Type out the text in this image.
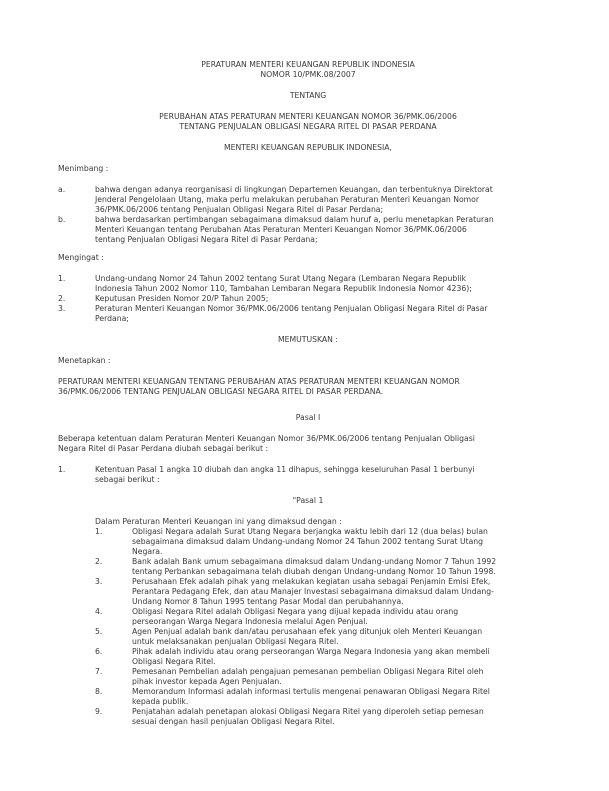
PERATURAN MENTERI KEUANGAN REPUBLIK INDONESIA
NOMOR 10/PMK.08/2007
TENTANG
PERUBAHAN ATAS PERATURAN MENTERI KEUANGAN NOMOR 36/PMK.06/2006
TENTANG PENJUALAN OBLIGASI NEGARA RITEL DI PASAR PERDANA
MENTERI KEUANGAN REPUBLIK INDONESIA,
Menimbang :
a.	bahwa dengan adanya reorganisasi di lingkungan Departemen Keuangan, dan terbentuknya Direktorat
Jenderal Pengelolaan Utang, maka perlu melakukan perubahan Peraturan Menteri Keuangan Nomor
36/PMK.06/2006 tentang Penjualan Obligasi Negara Ritel di Pasar Perdana;
b.	bahwa berdasarkan pertimbangan sebagaimana dimaksud dalam huruf a, perlu menetapkan Peraturan
Menteri Keuangan tentang Perubahan Atas Peraturan Menteri Keuangan Nomor 36/PMK.06/2006
tentang Penjualan Obligasi Negara Ritel di Pasar Perdana;
Mengingat :
1.	Undang-undang Nomor 24 Tahun 2002 tentang Surat Utang Negara (Lembaran Negara Republik
Indonesia Tahun 2002 Nomor 110, Tambahan Lembaran Negara Republik Indonesia Nomor 4236);
2.	Keputusan Presiden Nomor 20/P Tahun 2005;
3.	Peraturan Menteri Keuangan Nomor 36/PMK.06/2006 tentang Penjualan Obligasi Negara Ritel di Pasar
Perdana;
MEMUTUSKAN :
Menetapkan :
PERATURAN MENTERI KEUANGAN TENTANG PERUBAHAN ATAS PERATURAN MENTERI KEUANGAN NOMOR
36/PMK.06/2006 TENTANG PENJUALAN OBLIGASI NEGARA RITEL DI PASAR PERDANA.
Pasal I
Beberapa ketentuan dalam Peraturan Menteri Keuangan Nomor 36/PMK.06/2006 tentang Penjualan Obligasi
Negara Ritel di Pasar Perdana diubah sebagai berikut :
1.	Ketentuan Pasal 1 angka 10 diubah dan angka 11 dihapus, sehingga keseluruhan Pasal 1 berbunyi
sebagai berikut :
"Pasal 1
Dalam Peraturan Menteri Keuangan ini yang dimaksud dengan :
1.	Obligasi Negara adalah Surat Utang Negara berjangka waktu lebih dari 12 (dua belas) bulan
sebagaimana dimaksud dalam Undang-undang Nomor 24 Tahun 2002 tentang Surat Utang
Negara.
2.	Bank adalah Bank umum sebagaimana dimaksud dalam Undang-undang Nomor 7 Tahun 1992
tentang Perbankan sebagaimana telah diubah dengan Undang-undang Nomor 10 Tahun 1998.
3.	Perusahaan Efek adalah pihak yang melakukan kegiatan usaha sebagai Penjamin Emisi Efek,
Perantara Pedagang Efek, dan atau Manajer Investasi sebagaimana dimaksud dalam Undang-
Undang Nomor 8 Tahun 1995 tentang Pasar Modal dan perubahannya.
4.	Obligasi Negara Ritel adalah Obligasi Negara yang dijual kepada individu atau orang
perseorangan Warga Negara Indonesia melalui Agen Penjual.
5.	Agen Penjual adalah bank dan/atau perusahaan efek yang ditunjuk oleh Menteri Keuangan
untuk melaksanakan penjualan Obligasi Negara Ritel.
6.	Pihak adalah individu atau orang perseorangan Warga Negara Indonesia yang akan membeli
Obligasi Negara Ritel.
7.	Pemesanan Pembelian adalah pengajuan pemesanan pembelian Obligasi Negara Ritel oleh
pihak investor kepada Agen Penjualan.
8.	Memorandum Informasi adalah informasi tertulis mengenai penawaran Obligasi Negara Ritel
kepada publik.
9.	Penjatahan adalah penetapan alokasi Obligasi Negara Ritel yang diperoleh setiap pemesan
sesuai dengan hasil penjualan Obligasi Negara Ritel.
